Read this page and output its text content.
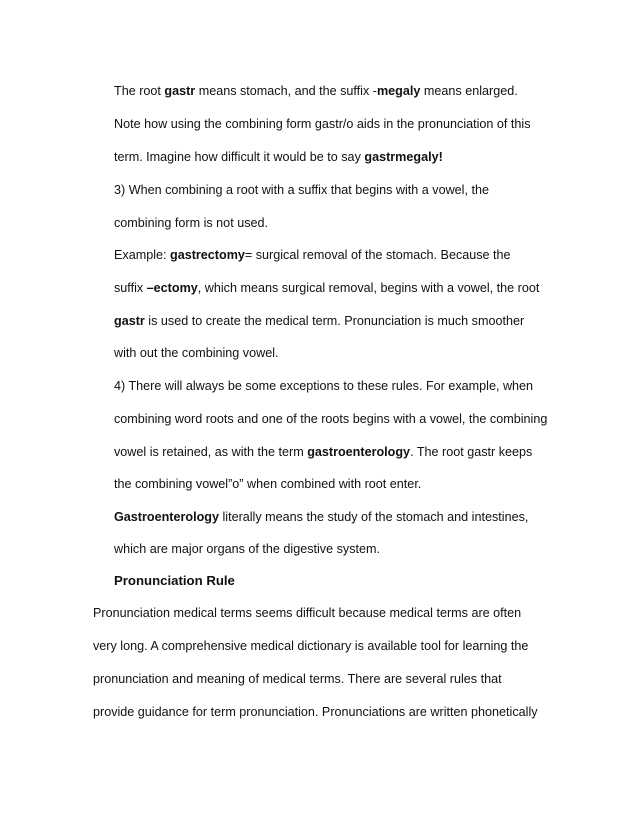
The root gastr means stomach, and the suffix -megaly means enlarged.

Note how using the combining form gastr/o aids in the pronunciation of this

term. Imagine how difficult it would be to say gastrmegaly!

3) When combining a root with a suffix that begins with a vowel, the

combining form is not used.

Example: gastrectomy= surgical removal of the stomach. Because the

suffix –ectomy, which means surgical removal, begins with a vowel, the root

gastr is used to create the medical term. Pronunciation is much smoother

with out the combining vowel.

4) There will always be some exceptions to these rules. For example, when

combining word roots and one of the roots begins with a vowel, the combining

vowel is retained, as with the term gastroenterology. The root gastr keeps

the combining vowel”o” when combined with root enter.

Gastroenterology literally means the study of the stomach and intestines,

which are major organs of the digestive system.

Pronunciation Rule

Pronunciation medical terms seems difficult because medical terms are often

very long. A comprehensive medical dictionary is available tool for learning the

pronunciation and meaning of medical terms. There are several rules that

provide guidance for term pronunciation. Pronunciations are written phonetically
